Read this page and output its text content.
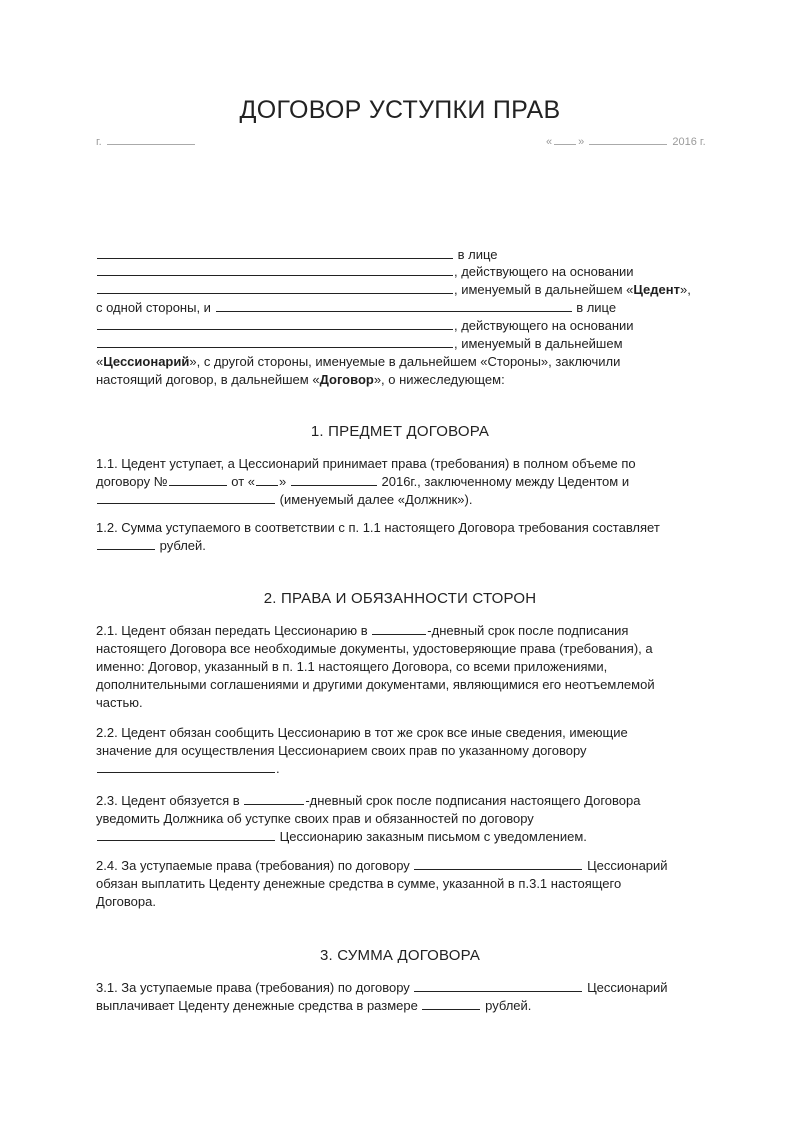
ДОГОВОР УСТУПКИ ПРАВ
г.	« »	2016 г.
в лице
, действующего на основании
, именуемый в дальнейшем «Цедент»,
с одной стороны, и	в лице
, действующего на основании
, именуемый в дальнейшем
«Цессионарий», с другой стороны, именуемые в дальнейшем «Стороны», заключили
настоящий договор, в дальнейшем «Договор», о нижеследующем:
1. ПРЕДМЕТ ДОГОВОРА
1.1. Цедент уступает, а Цессионарий принимает права (требования) в полном объеме по
договору №	от « »	2016г., заключенному между Цедентом и
(именуемый далее «Должник»).
1.2. Сумма уступаемого в соответствии с п. 1.1 настоящего Договора требования составляет
рублей.
2. ПРАВА И ОБЯЗАННОСТИ СТОРОН
2.1. Цедент обязан передать Цессионарию в	-дневный срок после подписания
настоящего Договора все необходимые документы, удостоверяющие права (требования), а
именно: Договор, указанный в п. 1.1 настоящего Договора, со всеми приложениями,
дополнительными соглашениями и другими документами, являющимися его неотъемлемой
частью.
2.2. Цедент обязан сообщить Цессионарию в тот же срок все иные сведения, имеющие
значение для осуществления Цессионарием своих прав по указанному договору
.
2.3. Цедент обязуется в	-дневный срок после подписания настоящего Договора
уведомить Должника об уступке своих прав и обязанностей по договору
Цессионарию заказным письмом с уведомлением.
2.4. За уступаемые права (требования) по договору	Цессионарий
обязан выплатить Цеденту денежные средства в сумме, указанной в п.3.1 настоящего
Договора.
3. СУММА ДОГОВОРА
3.1. За уступаемые права (требования) по договору	Цессионарий
выплачивает Цеденту денежные средства в размере	рублей.
